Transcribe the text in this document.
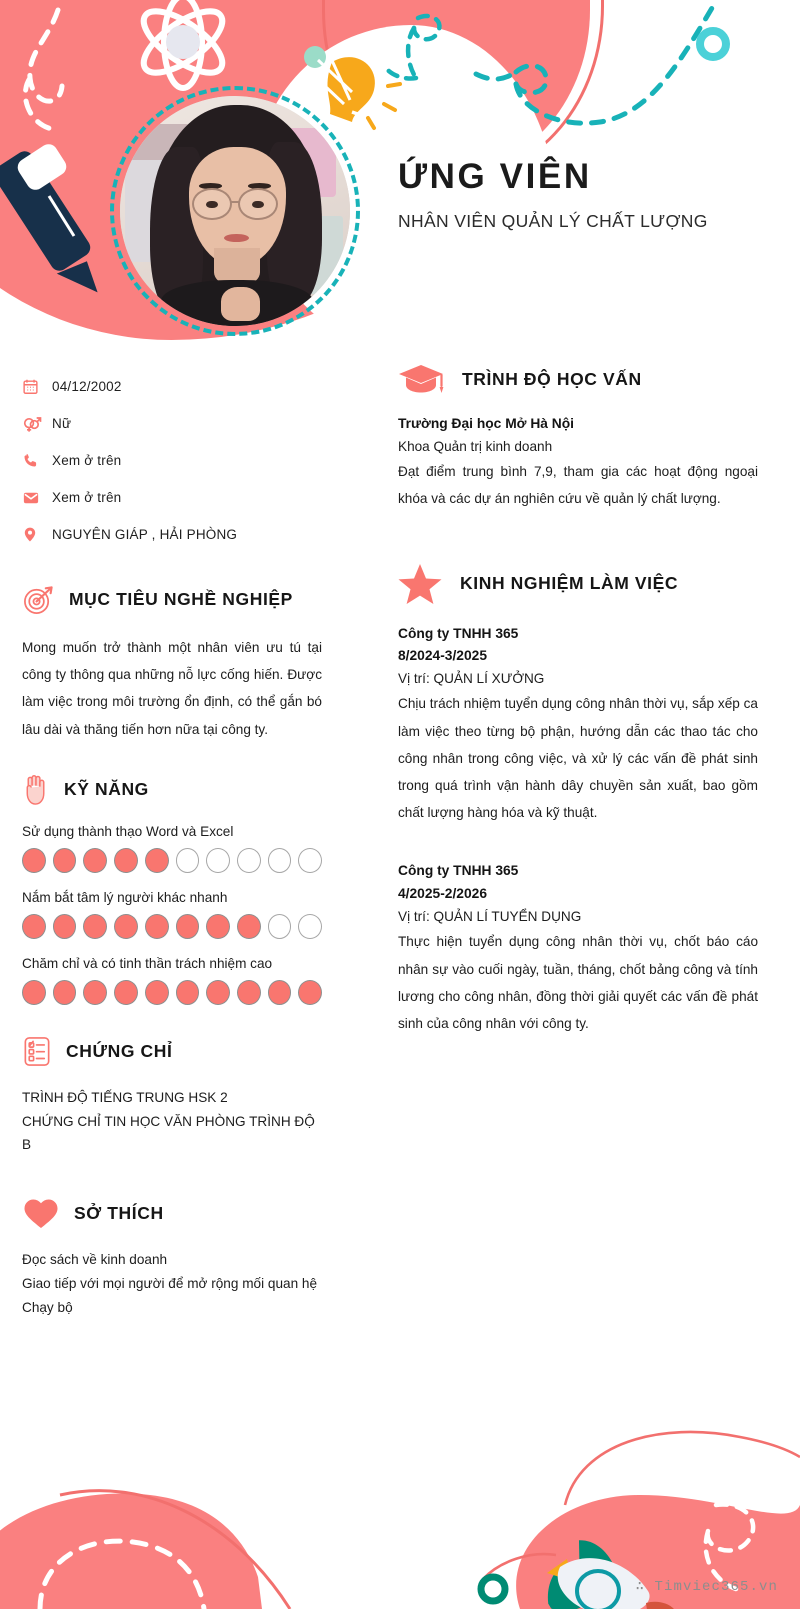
ỨNG VIÊN
NHÂN VIÊN QUẢN LÝ CHẤT LƯỢNG
04/12/2002
Nữ
Xem ở trên
Xem ở trên
NGUYÊN GIÁP , HẢI PHÒNG
MỤC TIÊU NGHỀ NGHIỆP
Mong muốn trở thành một nhân viên ưu tú tại công ty thông qua những nỗ lực cống hiến. Được làm việc trong môi trường ổn định, có thể gắn bó lâu dài và thăng tiến hơn nữa tại công ty.
KỸ NĂNG
Sử dụng thành thạo Word và Excel
Nắm bắt tâm lý người khác nhanh
Chăm chỉ và có tinh thần trách nhiệm cao
CHỨNG CHỈ
TRÌNH ĐỘ TIẾNG TRUNG HSK 2
CHỨNG CHỈ TIN HỌC VĂN PHÒNG TRÌNH ĐỘ B
SỞ THÍCH
Đọc sách về kinh doanh
Giao tiếp với mọi người để mở rộng mối quan hệ
Chạy bộ
TRÌNH ĐỘ HỌC VẤN
Trường Đại học Mở Hà Nội
Khoa Quản trị kinh doanh
Đạt điểm trung bình 7,9, tham gia các hoạt động ngoại khóa và các dự án nghiên cứu về quản lý chất lượng.
KINH NGHIỆM LÀM VIỆC
Công ty TNHH 365
8/2024-3/2025
Vị trí: QUẢN LÍ XƯỞNG
Chịu trách nhiệm tuyển dụng công nhân thời vụ, sắp xếp ca làm việc theo từng bộ phận, hướng dẫn các thao tác cho công nhân trong công việc, và xử lý các vấn đề phát sinh trong quá trình vận hành dây chuyền sản xuất, bao gồm chất lượng hàng hóa và kỹ thuật.
Công ty TNHH 365
4/2025-2/2026
Vị trí: QUẢN LÍ TUYỂN DỤNG
Thực hiện tuyển dụng công nhân thời vụ, chốt báo cáo nhân sự vào cuối ngày, tuần, tháng, chốt bảng công và tính lương cho công nhân, đồng thời giải quyết các vấn đề phát sinh của công nhân với công ty.
∴ Timviec365.vn
